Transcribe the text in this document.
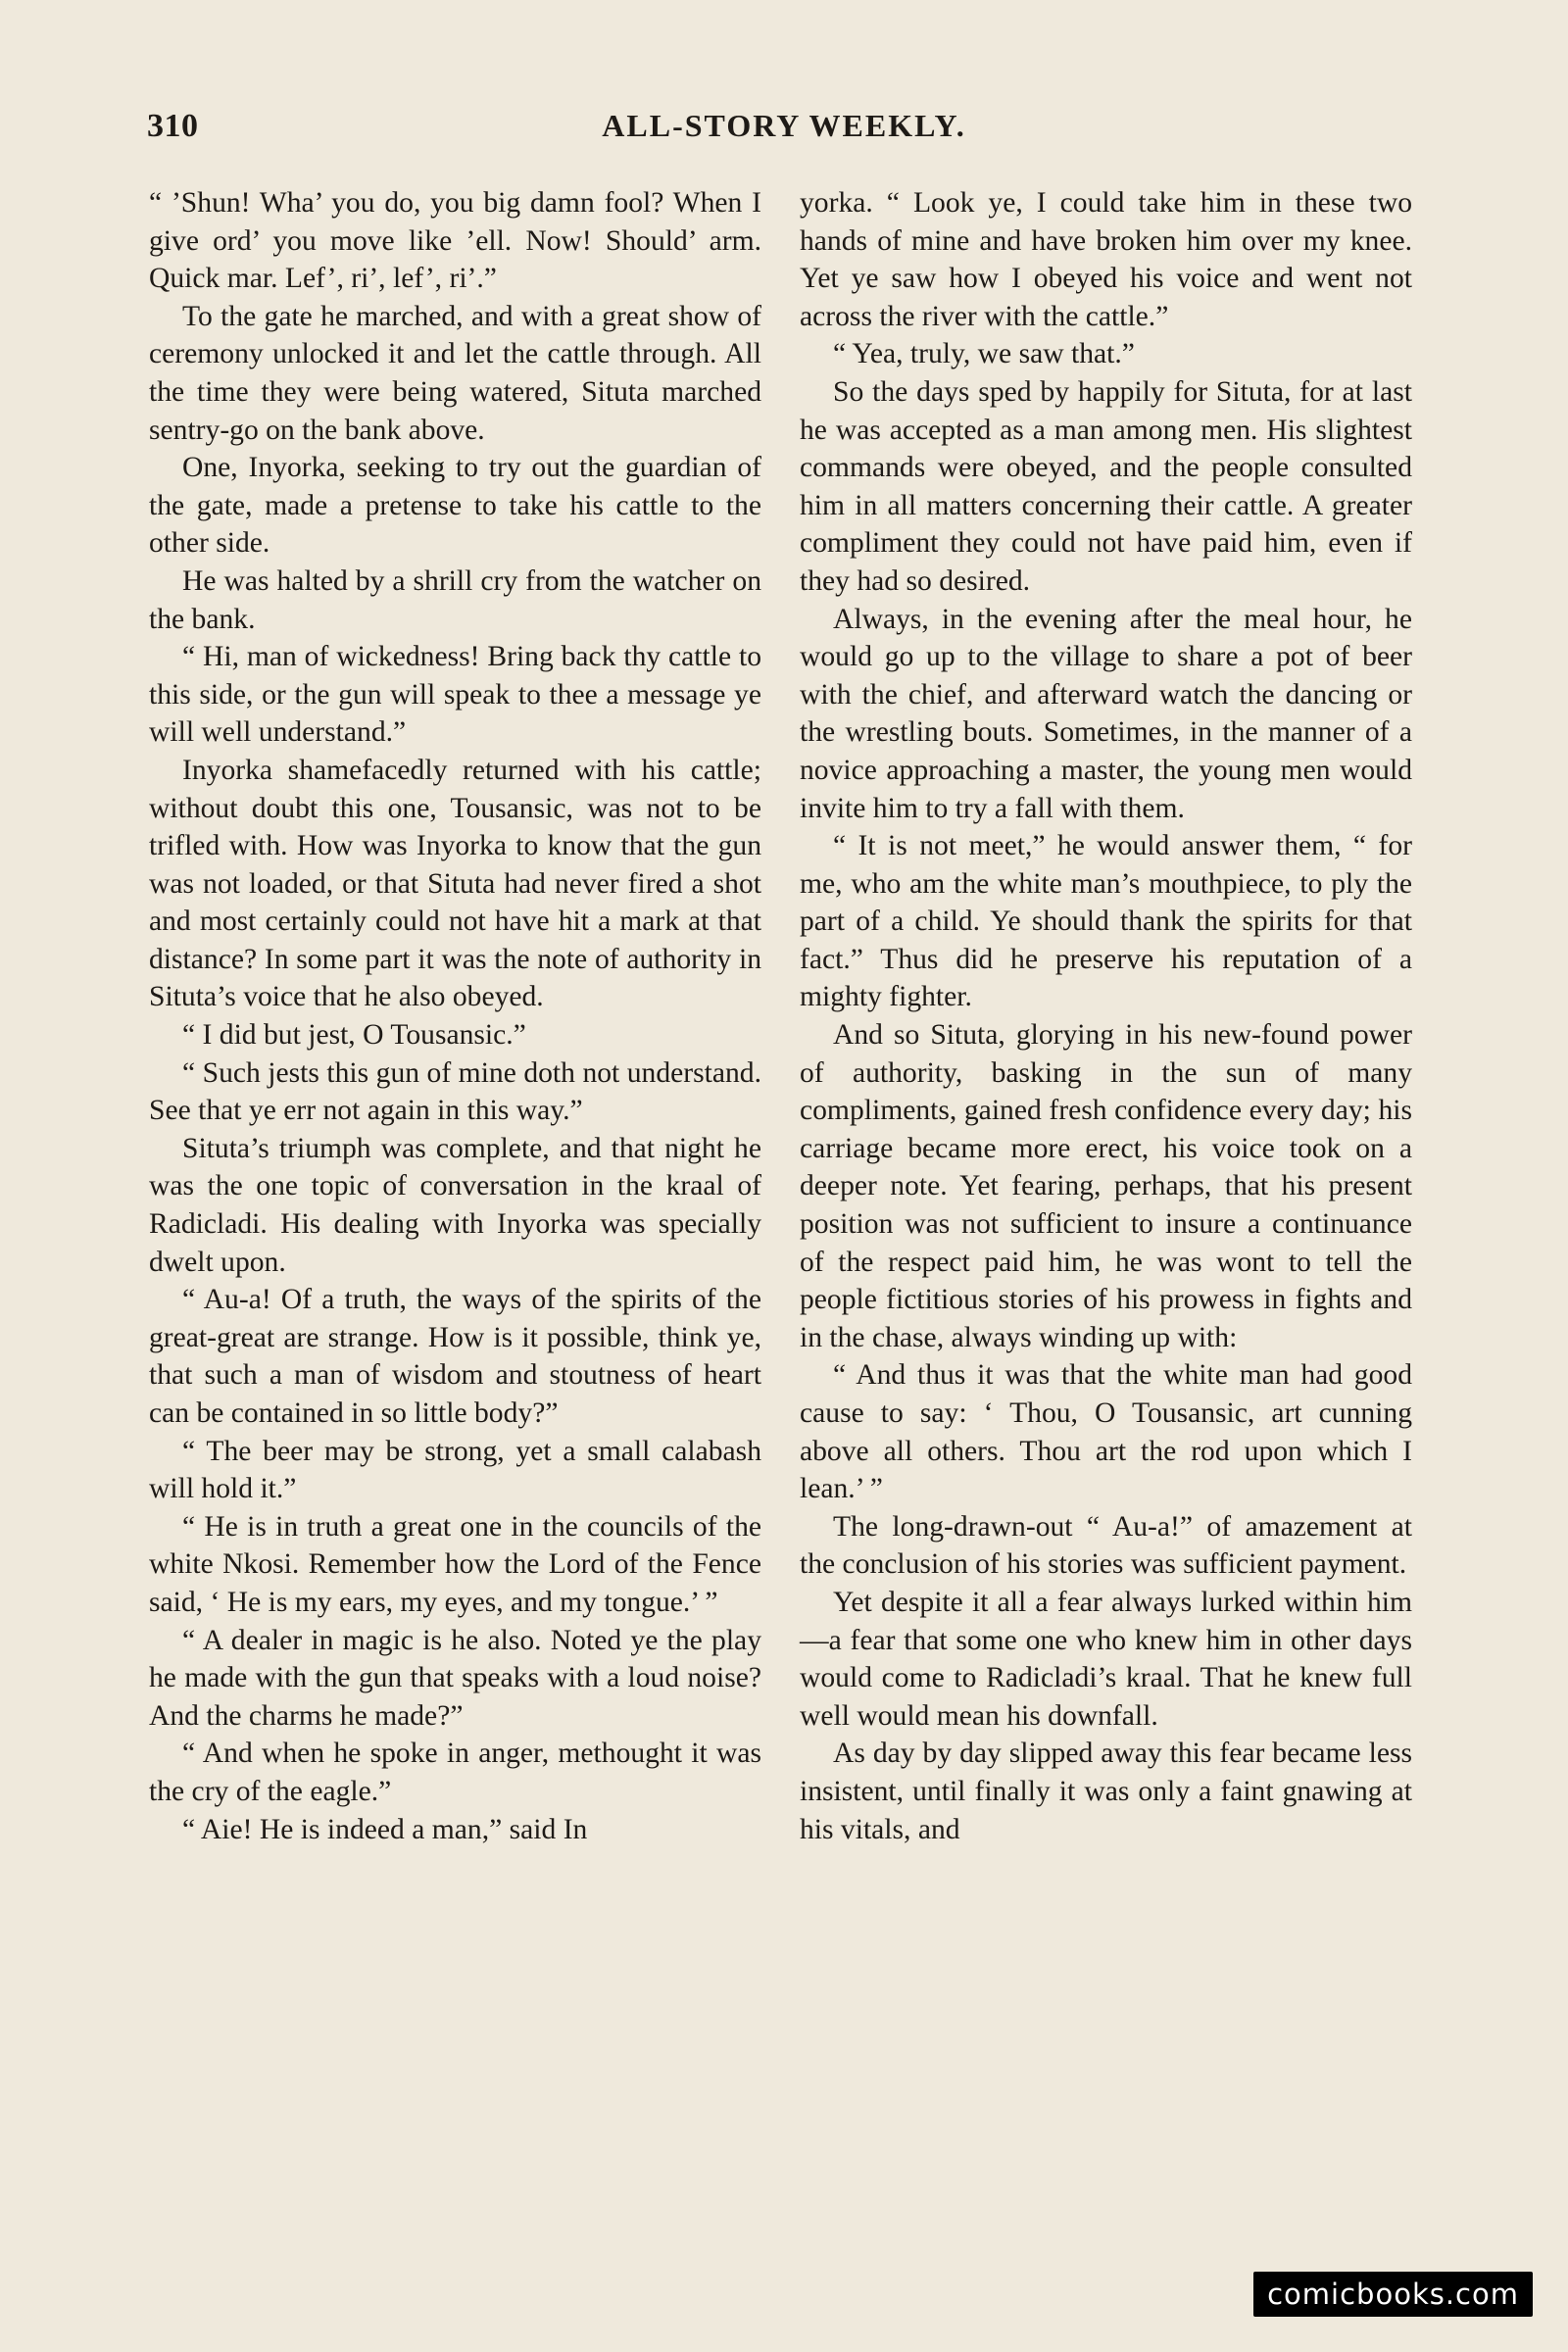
310	ALL-STORY WEEKLY.

“ ’Shun! Wha’ you do, you big damn fool? When I give ord’ you move like ’ell. Now! Should’ arm. Quick mar. Lef’, ri’, lef’, ri’.”

To the gate he marched, and with a great show of ceremony unlocked it and let the cattle through. All the time they were being watered, Situta marched sentry-go on the bank above.

One, Inyorka, seeking to try out the guardian of the gate, made a pretense to take his cattle to the other side.

He was halted by a shrill cry from the watcher on the bank.

“ Hi, man of wickedness! Bring back thy cattle to this side, or the gun will speak to thee a message ye will well understand.”

Inyorka shamefacedly returned with his cattle; without doubt this one, Tousansic, was not to be trifled with. How was Inyorka to know that the gun was not loaded, or that Situta had never fired a shot and most certainly could not have hit a mark at that distance? In some part it was the note of authority in Situta’s voice that he also obeyed.

“ I did but jest, O Tousansic.”

“ Such jests this gun of mine doth not understand. See that ye err not again in this way.”

Situta’s triumph was complete, and that night he was the one topic of conversation in the kraal of Radicladi. His dealing with Inyorka was specially dwelt upon.

“ Au-a! Of a truth, the ways of the spirits of the great-great are strange. How is it possible, think ye, that such a man of wisdom and stoutness of heart can be contained in so little body?”

“ The beer may be strong, yet a small calabash will hold it.”

“ He is in truth a great one in the councils of the white Nkosi. Remember how the Lord of the Fence said, ‘ He is my ears, my eyes, and my tongue.’ ”

“ A dealer in magic is he also. Noted ye the play he made with the gun that speaks with a loud noise? And the charms he made?”

“ And when he spoke in anger, methought it was the cry of the eagle.”

“ Aie! He is indeed a man,” said In

yorka. “ Look ye, I could take him in these two hands of mine and have broken him over my knee. Yet ye saw how I obeyed his voice and went not across the river with the cattle.”

“ Yea, truly, we saw that.”

So the days sped by happily for Situta, for at last he was accepted as a man among men. His slightest commands were obeyed, and the people consulted him in all matters concerning their cattle. A greater compliment they could not have paid him, even if they had so desired.

Always, in the evening after the meal hour, he would go up to the village to share a pot of beer with the chief, and afterward watch the dancing or the wrestling bouts. Sometimes, in the manner of a novice approaching a master, the young men would invite him to try a fall with them.

“ It is not meet,” he would answer them, “ for me, who am the white man’s mouthpiece, to ply the part of a child. Ye should thank the spirits for that fact.” Thus did he preserve his reputation of a mighty fighter.

And so Situta, glorying in his new-found power of authority, basking in the sun of many compliments, gained fresh confidence every day; his carriage became more erect, his voice took on a deeper note. Yet fearing, perhaps, that his present position was not sufficient to insure a continuance of the respect paid him, he was wont to tell the people fictitious stories of his prowess in fights and in the chase, always winding up with:

“ And thus it was that the white man had good cause to say: ‘ Thou, O Tousansic, art cunning above all others. Thou art the rod upon which I lean.’ ”

The long-drawn-out “ Au-a!” of amazement at the conclusion of his stories was sufficient payment.

Yet despite it all a fear always lurked within him—a fear that some one who knew him in other days would come to Radicladi’s kraal. That he knew full well would mean his downfall.

As day by day slipped away this fear became less insistent, until finally it was only a faint gnawing at his vitals, and

comicbooks.com
